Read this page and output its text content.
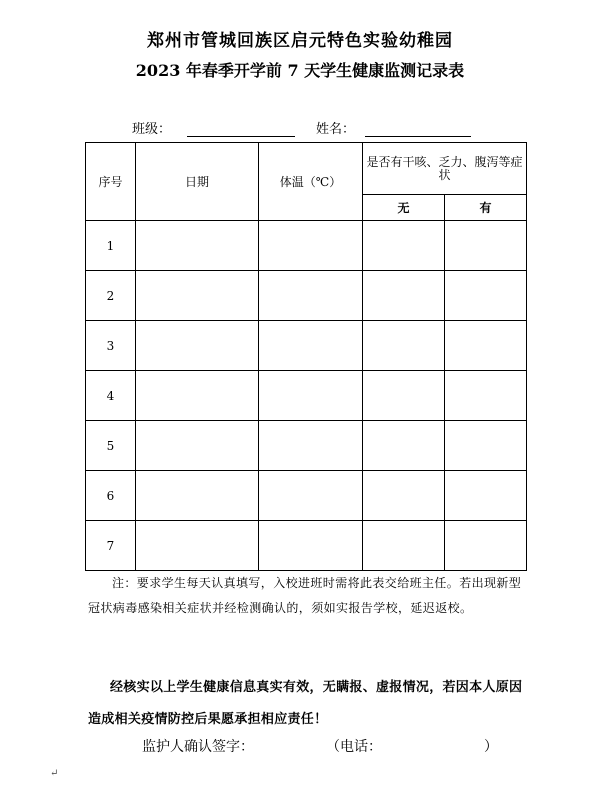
郑州市管城回族区启元特色实验幼稚园
2023 年春季开学前 7 天学生健康监测记录表
班级：	姓名：
序号	日期	体温（℃）	是否有干咳、乏力、腹泻等症状	
			无	有
1				
2				
3				
4				
5				
6				
7				
注：要求学生每天认真填写，入校进班时需将此表交给班主任。若出现新型冠状病毒感染相关症状并经检测确认的，须如实报告学校，延迟返校。
经核实以上学生健康信息真实有效，无瞒报、虚报情况，若因本人原因造成相关疫情防控后果愿承担相应责任！
监护人确认签字：	（电话：	）
↵
